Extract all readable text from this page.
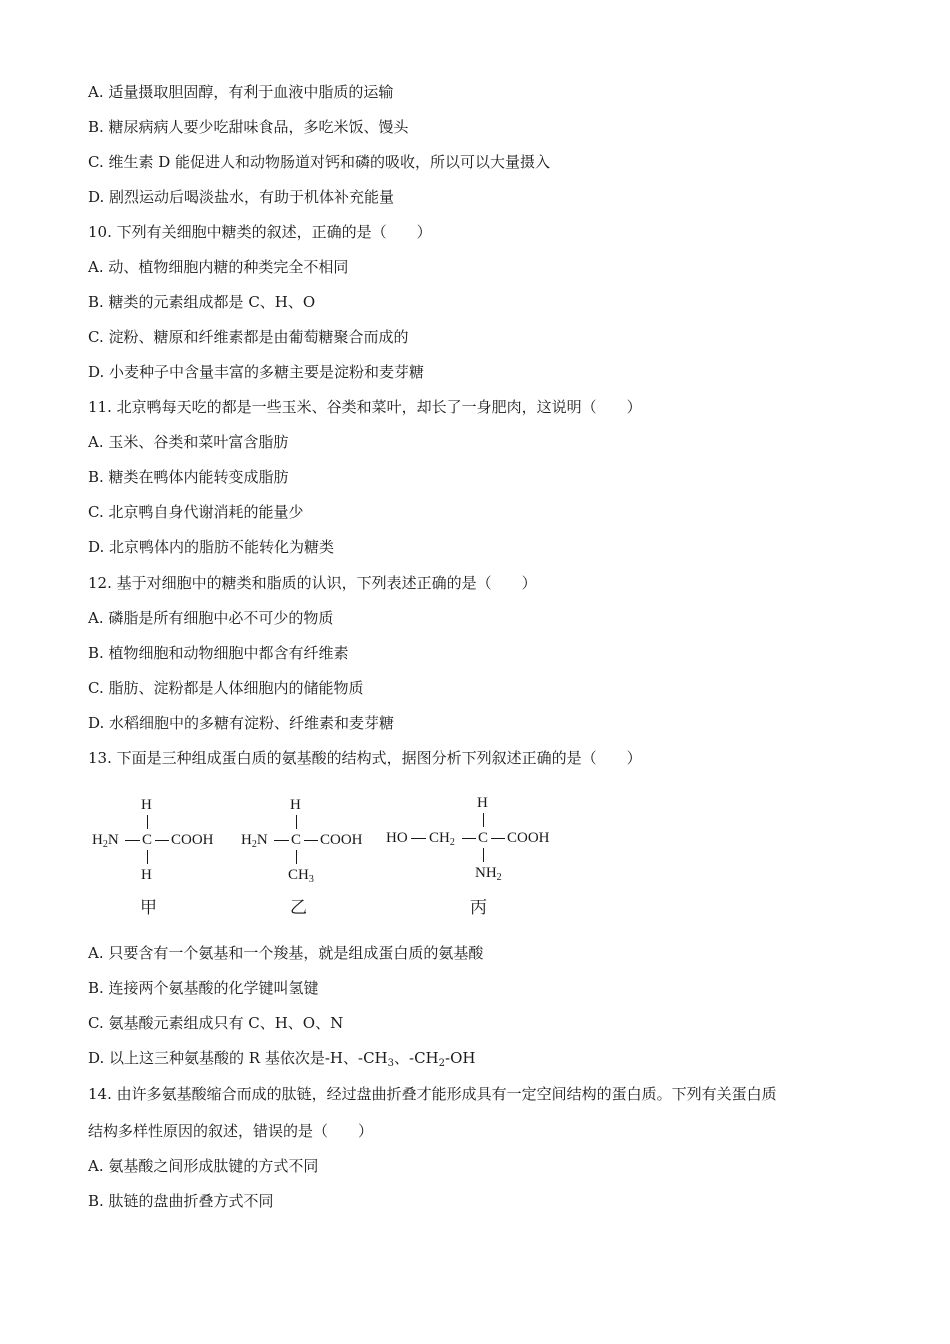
A. 适量摄取胆固醇，有利于血液中脂质的运输
B. 糖尿病病人要少吃甜味食品，多吃米饭、馒头
C. 维生素 D 能促进人和动物肠道对钙和磷的吸收，所以可以大量摄入
D. 剧烈运动后喝淡盐水，有助于机体补充能量
10. 下列有关细胞中糖类的叙述，正确的是（　　）
A. 动、植物细胞内糖的种类完全不相同
B. 糖类的元素组成都是 C、H、O
C. 淀粉、糖原和纤维素都是由葡萄糖聚合而成的
D. 小麦种子中含量丰富的多糖主要是淀粉和麦芽糖
11. 北京鸭每天吃的都是一些玉米、谷类和菜叶，却长了一身肥肉，这说明（　　）
A. 玉米、谷类和菜叶富含脂肪
B. 糖类在鸭体内能转变成脂肪
C. 北京鸭自身代谢消耗的能量少
D. 北京鸭体内的脂肪不能转化为糖类
12. 基于对细胞中的糖类和脂质的认识，下列表述正确的是（　　）
A. 磷脂是所有细胞中必不可少的物质
B. 植物细胞和动物细胞中都含有纤维素
C. 脂肪、淀粉都是人体细胞内的储能物质
D. 水稻细胞中的多糖有淀粉、纤维素和麦芽糖
13. 下面是三种组成蛋白质的氨基酸的结构式，据图分析下列叙述正确的是（　　）
H
$H_2N$ C COOH
H
甲
H
$H_2N$ C COOH
$CH_3$
乙
H
HO $CH_2$ C COOH
$NH_2$
丙
A. 只要含有一个氨基和一个羧基，就是组成蛋白质的氨基酸
B. 连接两个氨基酸的化学键叫氢键
C. 氨基酸元素组成只有 C、H、O、N
D. 以上这三种氨基酸的 R 基依次是-H、$-CH_3$、$-CH_2-OH$
14. 由许多氨基酸缩合而成的肽链，经过盘曲折叠才能形成具有一定空间结构的蛋白质。下列有关蛋白质
结构多样性原因的叙述，错误的是（　　）
A. 氨基酸之间形成肽键的方式不同
B. 肽链的盘曲折叠方式不同
